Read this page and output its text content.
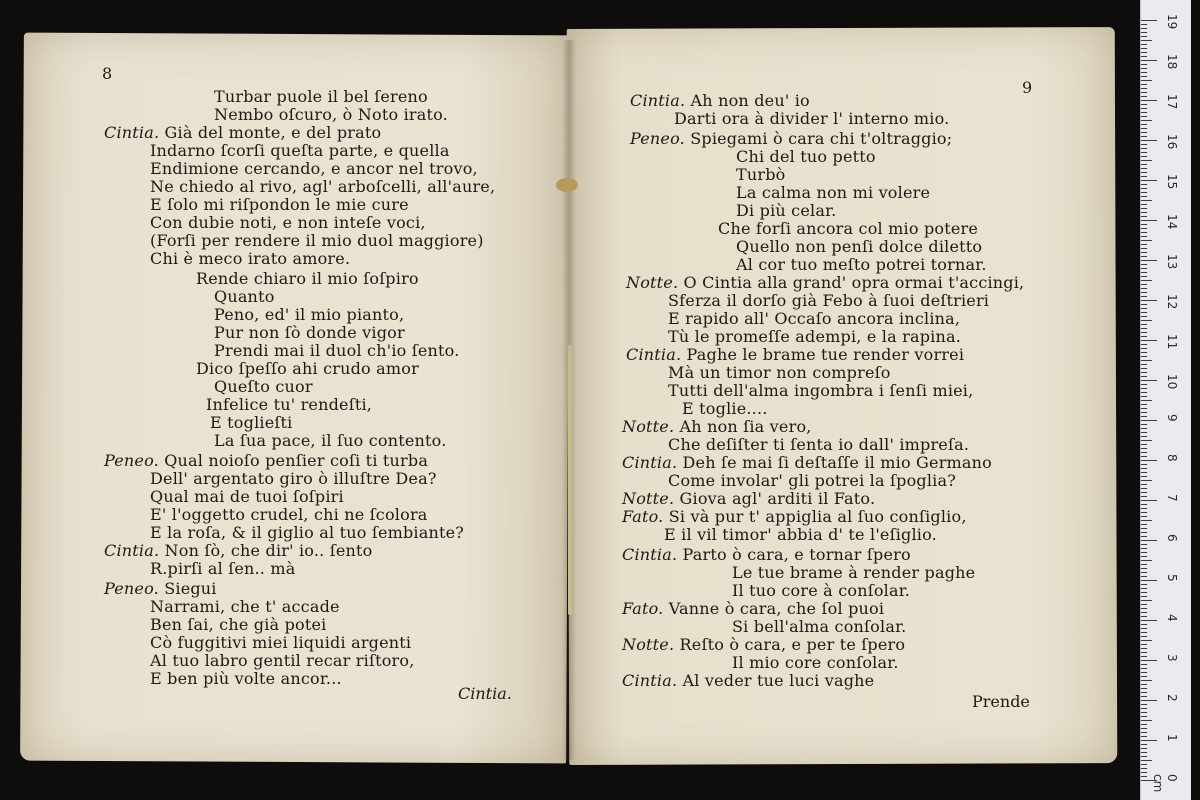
8
9
Cintia.	Prende
Turbar puole il bel ſereno
Nembo oſcuro, ò Noto irato.
Cintia. Già del monte, e del prato
Indarno ſcorſi queſta parte, e quella
Endimione cercando, e ancor nel trovo,
Ne chiedo al rivo, agl' arboſcelli, all'aure,
E ſolo mi riſpondon le mie cure
Con dubie noti, e non inteſe voci,
(Forſi per rendere il mio duol maggiore)
Chi è meco irato amore.
Rende chiaro il mio ſoſpiro
Quanto
Peno, ed' il mio pianto,
Pur non ſò donde vigor
Prendi mai il duol ch'io ſento.
Dico ſpeſſo ahi crudo amor
Queſto cuor
Infelice tu' rendeſti,
E toglieſti
La ſua pace, il ſuo contento.
Peneo. Qual noioſo penſier coſi ti turba
Dell' argentato giro ò illuſtre Dea?
Qual mai de tuoi ſoſpiri
E' l'oggetto crudel, chi ne ſcolora
E la roſa, & il giglio al tuo ſembiante?
Cintia. Non ſò, che dir' io.. ſento
R.pirſi al ſen.. mà
Peneo. Siegui
Narrami, che t' accade
Ben ſai, che già potei
Cò fuggitivi miei liquidi argenti
Al tuo labro gentil recar riſtoro,
E ben più volte ancor...
Cintia. Ah non deu' io
Darti ora à divider l' interno mio.
Peneo. Spiegami ò cara chi t'oltraggio;
Chi del tuo petto
Turbò
La calma non mi volere
Di più celar.
Che forſi ancora col mio potere
Quello non penſi dolce diletto
Al cor tuo meſto potrei tornar.
Notte. O Cintia alla grand' opra ormai t'accingi,
Sferza il dorſo già Febo à ſuoi deſtrieri
E rapido all' Occaſo ancora inclina,
Tù le promeſſe adempi, e la rapina.
Cintia. Paghe le brame tue render vorrei
Mà un timor non compreſo
Tutti dell'alma ingombra i ſenſi miei,
E toglie....
Notte. Ah non ſia vero,
Che deſiſter ti ſenta io dall' impreſa.
Cintia. Deh ſe mai ſi deſtaſſe il mio Germano
Come involar' gli potrei la ſpoglia?
Notte. Giova agl' arditi il Fato.
Fato. Si và pur t' appiglia al ſuo conſiglio,
E il vil timor' abbia d' te l'eſiglio.
Cintia. Parto ò cara, e tornar ſpero
Le tue brame à render paghe
Il tuo core à conſolar.
Fato. Vanne ò cara, che ſol puoi
Si bell'alma conſolar.
Notte. Reſto ò cara, e per te ſpero
Il mio core conſolar.
Cintia. Al veder tue luci vaghe
19
18
17
16
15
14
13
12
11
10
9
8
7
6
5
4
3
2
1
0 cm
